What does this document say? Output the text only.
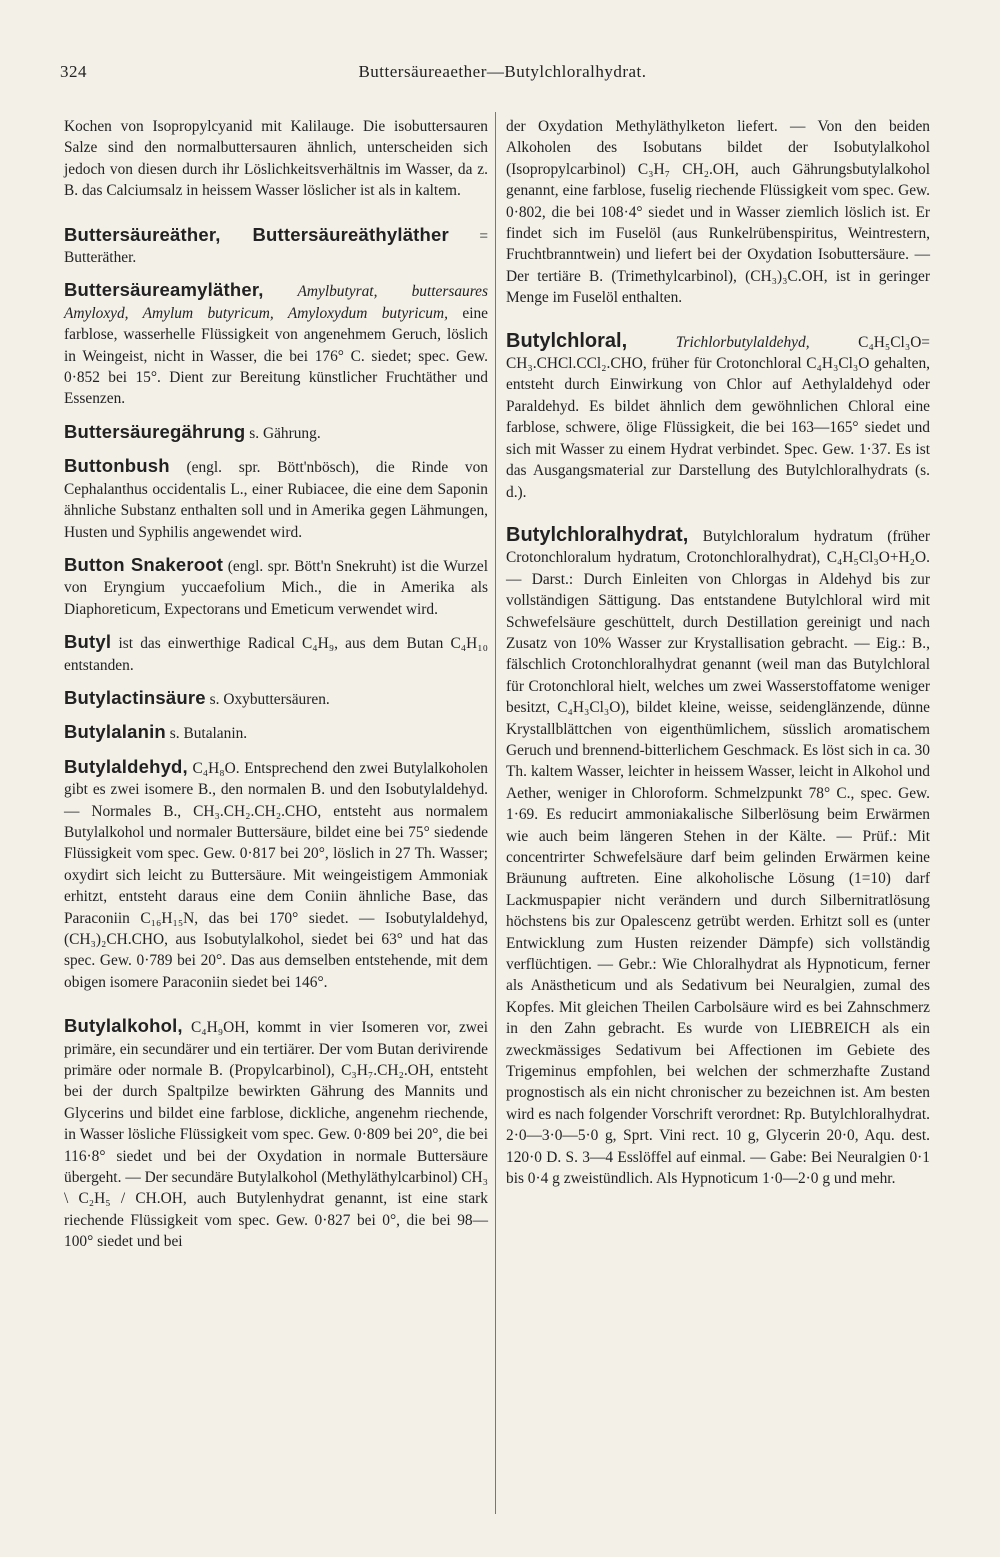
324	Buttersäureaether—Butylchloralhydrat.

Kochen von Isopropylcyanid mit Kalilauge. Die isobuttersauren Salze sind den normalbuttersauren ähnlich, unterscheiden sich jedoch von diesen durch ihr Löslichkeitsverhältnis im Wasser, da z. B. das Calciumsalz in heissem Wasser löslicher ist als in kaltem.

Buttersäureäther, Buttersäureäthyläther = Butteräther.

Buttersäureamyläther, Amylbutyrat, buttersaures Amyloxyd, Amylum butyricum, Amyloxydum butyricum, eine farblose, wasserhelle Flüssigkeit von angenehmem Geruch, löslich in Weingeist, nicht in Wasser, die bei 176° C. siedet; spec. Gew. 0·852 bei 15°. Dient zur Bereitung künstlicher Fruchtäther und Essenzen.

Buttersäuregährung s. Gährung.

Buttonbush (engl. spr. Bött'nbösch), die Rinde von Cephalanthus occidentalis L., einer Rubiacee, die eine dem Saponin ähnliche Substanz enthalten soll und in Amerika gegen Lähmungen, Husten und Syphilis angewendet wird.

Button Snakeroot (engl. spr. Bött'n Snekruht) ist die Wurzel von Eryngium yuccaefolium Mich., die in Amerika als Diaphoreticum, Expectorans und Emeticum verwendet wird.

Butyl ist das einwerthige Radical C₄H₉, aus dem Butan C₄H₁₀ entstanden.

Butylactinsäure s. Oxybuttersäuren.

Butylalanin s. Butalanin.

Butylaldehyd, C₄H₈O. Entsprechend den zwei Butylalkoholen gibt es zwei isomere B., den normalen B. und den Isobutylaldehyd. — Normales B., CH₃.CH₂.CH₂.CHO, entsteht aus normalem Butylalkohol und normaler Buttersäure, bildet eine bei 75° siedende Flüssigkeit vom spec. Gew. 0·817 bei 20°, löslich in 27 Th. Wasser; oxydirt sich leicht zu Buttersäure. Mit weingeistigem Ammoniak erhitzt, entsteht daraus eine dem Coniin ähnliche Base, das Paraconiin C₁₆H₁₅N, das bei 170° siedet. — Isobutylaldehyd, (CH₃)₂CH.CHO, aus Isobutylalkohol, siedet bei 63° und hat das spec. Gew. 0·789 bei 20°. Das aus demselben entstehende, mit dem obigen isomere Paraconiin siedet bei 146°.

Butylalkohol, C₄H₉OH, kommt in vier Isomeren vor, zwei primäre, ein secundärer und ein tertiärer. Der vom Butan derivirende primäre oder normale B. (Propylcarbinol), C₃H₇.CH₂.OH, entsteht bei der durch Spaltpilze bewirkten Gährung des Mannits und Glycerins und bildet eine farblose, dickliche, angenehm riechende, in Wasser lösliche Flüssigkeit vom spec. Gew. 0·809 bei 20°, die bei 116·8° siedet und bei der Oxydation in normale Buttersäure übergeht. — Der secundäre Butylalkohol (Methyläthylcarbinol) CH₃ \ C₂H₅ / CH.OH, auch Butylenhydrat genannt, ist eine stark riechende Flüssigkeit vom spec. Gew. 0·827 bei 0°, die bei 98—100° siedet und bei

der Oxydation Methyläthylketon liefert. — Von den beiden Alkoholen des Isobutans bildet der Isobutylalkohol (Isopropylcarbinol) C₃H₇ CH₂.OH, auch Gährungsbutylalkohol genannt, eine farblose, fuselig riechende Flüssigkeit vom spec. Gew. 0·802, die bei 108·4° siedet und in Wasser ziemlich löslich ist. Er findet sich im Fuselöl (aus Runkelrübenspiritus, Weintrestern, Fruchtbranntwein) und liefert bei der Oxydation Isobuttersäure. — Der tertiäre B. (Trimethylcarbinol), (CH₃)₃C.OH, ist in geringer Menge im Fuselöl enthalten.

Butylchloral, Trichlorbutylaldehyd, C₄H₅Cl₃O= CH₃.CHCl.CCl₂.CHO, früher für Crotonchloral C₄H₃Cl₃O gehalten, entsteht durch Einwirkung von Chlor auf Aethylaldehyd oder Paraldehyd. Es bildet ähnlich dem gewöhnlichen Chloral eine farblose, schwere, ölige Flüssigkeit, die bei 163—165° siedet und sich mit Wasser zu einem Hydrat verbindet. Spec. Gew. 1·37. Es ist das Ausgangsmaterial zur Darstellung des Butylchloralhydrats (s. d.).

Butylchloralhydrat, Butylchloralum hydratum (früher Crotonchloralum hydratum, Crotonchloralhydrat), C₄H₅Cl₃O+H₂O. — Darst.: Durch Einleiten von Chlorgas in Aldehyd bis zur vollständigen Sättigung. Das entstandene Butylchloral wird mit Schwefelsäure geschüttelt, durch Destillation gereinigt und nach Zusatz von 10% Wasser zur Krystallisation gebracht. — Eig.: B., fälschlich Crotonchloralhydrat genannt (weil man das Butylchloral für Crotonchloral hielt, welches um zwei Wasserstoffatome weniger besitzt, C₄H₃Cl₃O), bildet kleine, weisse, seidenglänzende, dünne Krystallblättchen von eigenthümlichem, süsslich aromatischem Geruch und brennend-bitterlichem Geschmack. Es löst sich in ca. 30 Th. kaltem Wasser, leichter in heissem Wasser, leicht in Alkohol und Aether, weniger in Chloroform. Schmelzpunkt 78° C., spec. Gew. 1·69. Es reducirt ammoniakalische Silberlösung beim Erwärmen wie auch beim längeren Stehen in der Kälte. — Prüf.: Mit concentrirter Schwefelsäure darf beim gelinden Erwärmen keine Bräunung auftreten. Eine alkoholische Lösung (1=10) darf Lackmuspapier nicht verändern und durch Silbernitratlösung höchstens bis zur Opalescenz getrübt werden. Erhitzt soll es (unter Entwicklung zum Husten reizender Dämpfe) sich vollständig verflüchtigen. — Gebr.: Wie Chloralhydrat als Hypnoticum, ferner als Anästheticum und als Sedativum bei Neuralgien, zumal des Kopfes. Mit gleichen Theilen Carbolsäure wird es bei Zahnschmerz in den Zahn gebracht. Es wurde von LIEBREICH als ein zweckmässiges Sedativum bei Affectionen im Gebiete des Trigeminus empfohlen, bei welchen der schmerzhafte Zustand prognostisch als ein nicht chronischer zu bezeichnen ist. Am besten wird es nach folgender Vorschrift verordnet: Rp. Butylchloralhydrat. 2·0—3·0—5·0 g, Sprt. Vini rect. 10 g, Glycerin 20·0, Aqu. dest. 120·0 D. S. 3—4 Esslöffel auf einmal. — Gabe: Bei Neuralgien 0·1 bis 0·4 g zweistündlich. Als Hypnoticum 1·0—2·0 g und mehr.
